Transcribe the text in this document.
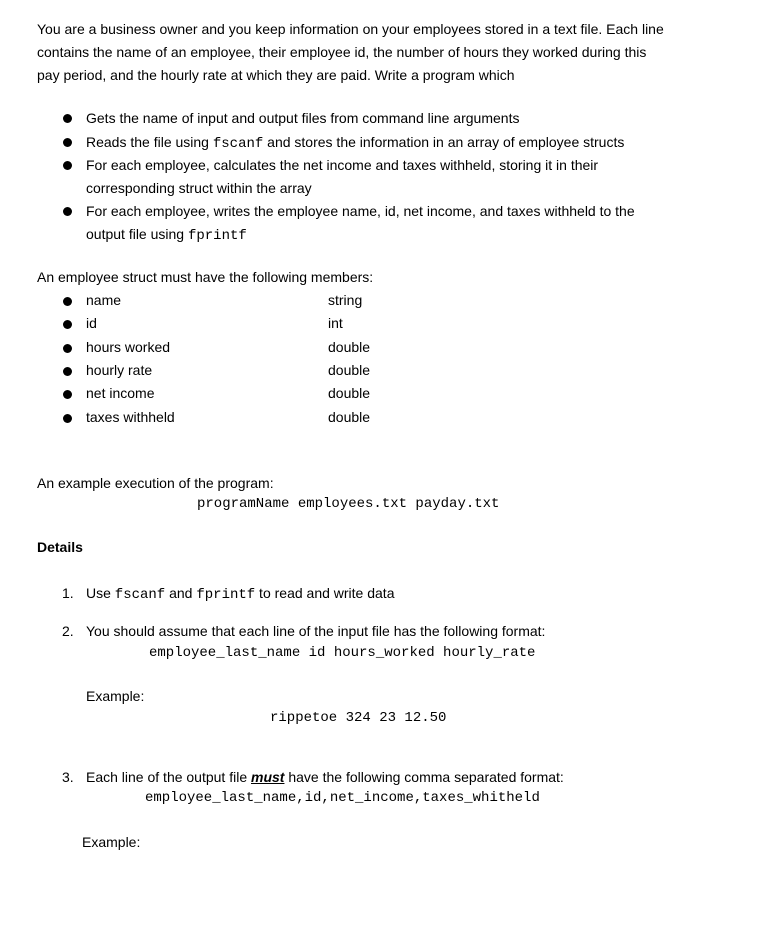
You are a business owner and you keep information on your employees stored in a text file. Each line

contains the name of an employee, their employee id, the number of hours they worked during this

pay period, and the hourly rate at which they are paid. Write a program which

Gets the name of input and output files from command line arguments
Reads the file using fscanf and stores the information in an array of employee structs
For each employee, calculates the net income and taxes withheld, storing it in their
corresponding struct within the array
For each employee, writes the employee name, id, net income, and taxes withheld to the
output file using fprintf
An employee struct must have the following members:
name	string
id	int
hours worked	double
hourly rate	double
net income	double
taxes withheld	double
An example execution of the program:
programName employees.txt payday.txt
Details
1. Use fscanf and fprintf to read and write data
2. You should assume that each line of the input file has the following format:
employee_last_name id hours_worked hourly_rate
Example:
rippetoe 324 23 12.50
3. Each line of the output file must have the following comma separated format:
employee_last_name,id,net_income,taxes_whitheld
Example:
